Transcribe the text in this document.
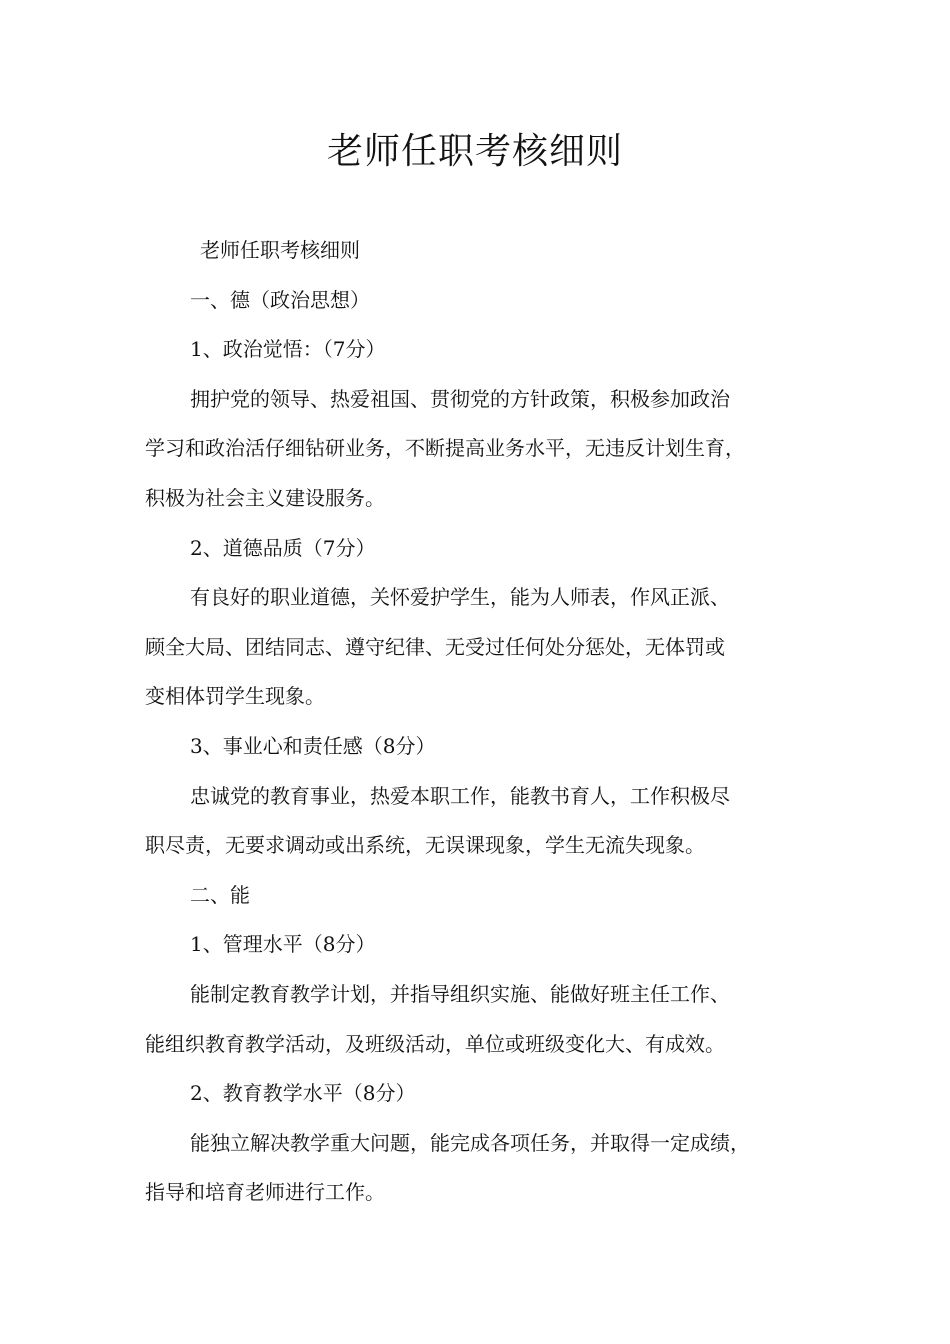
老师任职考核细则

老师任职考核细则

一、德（政治思想）

1、政治觉悟：（7分）

拥护党的领导、热爱祖国、贯彻党的方针政策，积极参加政治

学习和政治活仔细钻研业务，不断提高业务水平，无违反计划生育，

积极为社会主义建设服务。

2、道德品质（7分）

有良好的职业道德，关怀爱护学生，能为人师表，作风正派、

顾全大局、团结同志、遵守纪律、无受过任何处分惩处，无体罚或

变相体罚学生现象。

3、事业心和责任感（8分）

忠诚党的教育事业，热爱本职工作，能教书育人，工作积极尽

职尽责，无要求调动或出系统，无误课现象，学生无流失现象。

二、能

1、管理水平（8分）

能制定教育教学计划，并指导组织实施、能做好班主任工作、

能组织教育教学活动，及班级活动，单位或班级变化大、有成效。

2、教育教学水平（8分）

能独立解决教学重大问题，能完成各项任务，并取得一定成绩，

指导和培育老师进行工作。
